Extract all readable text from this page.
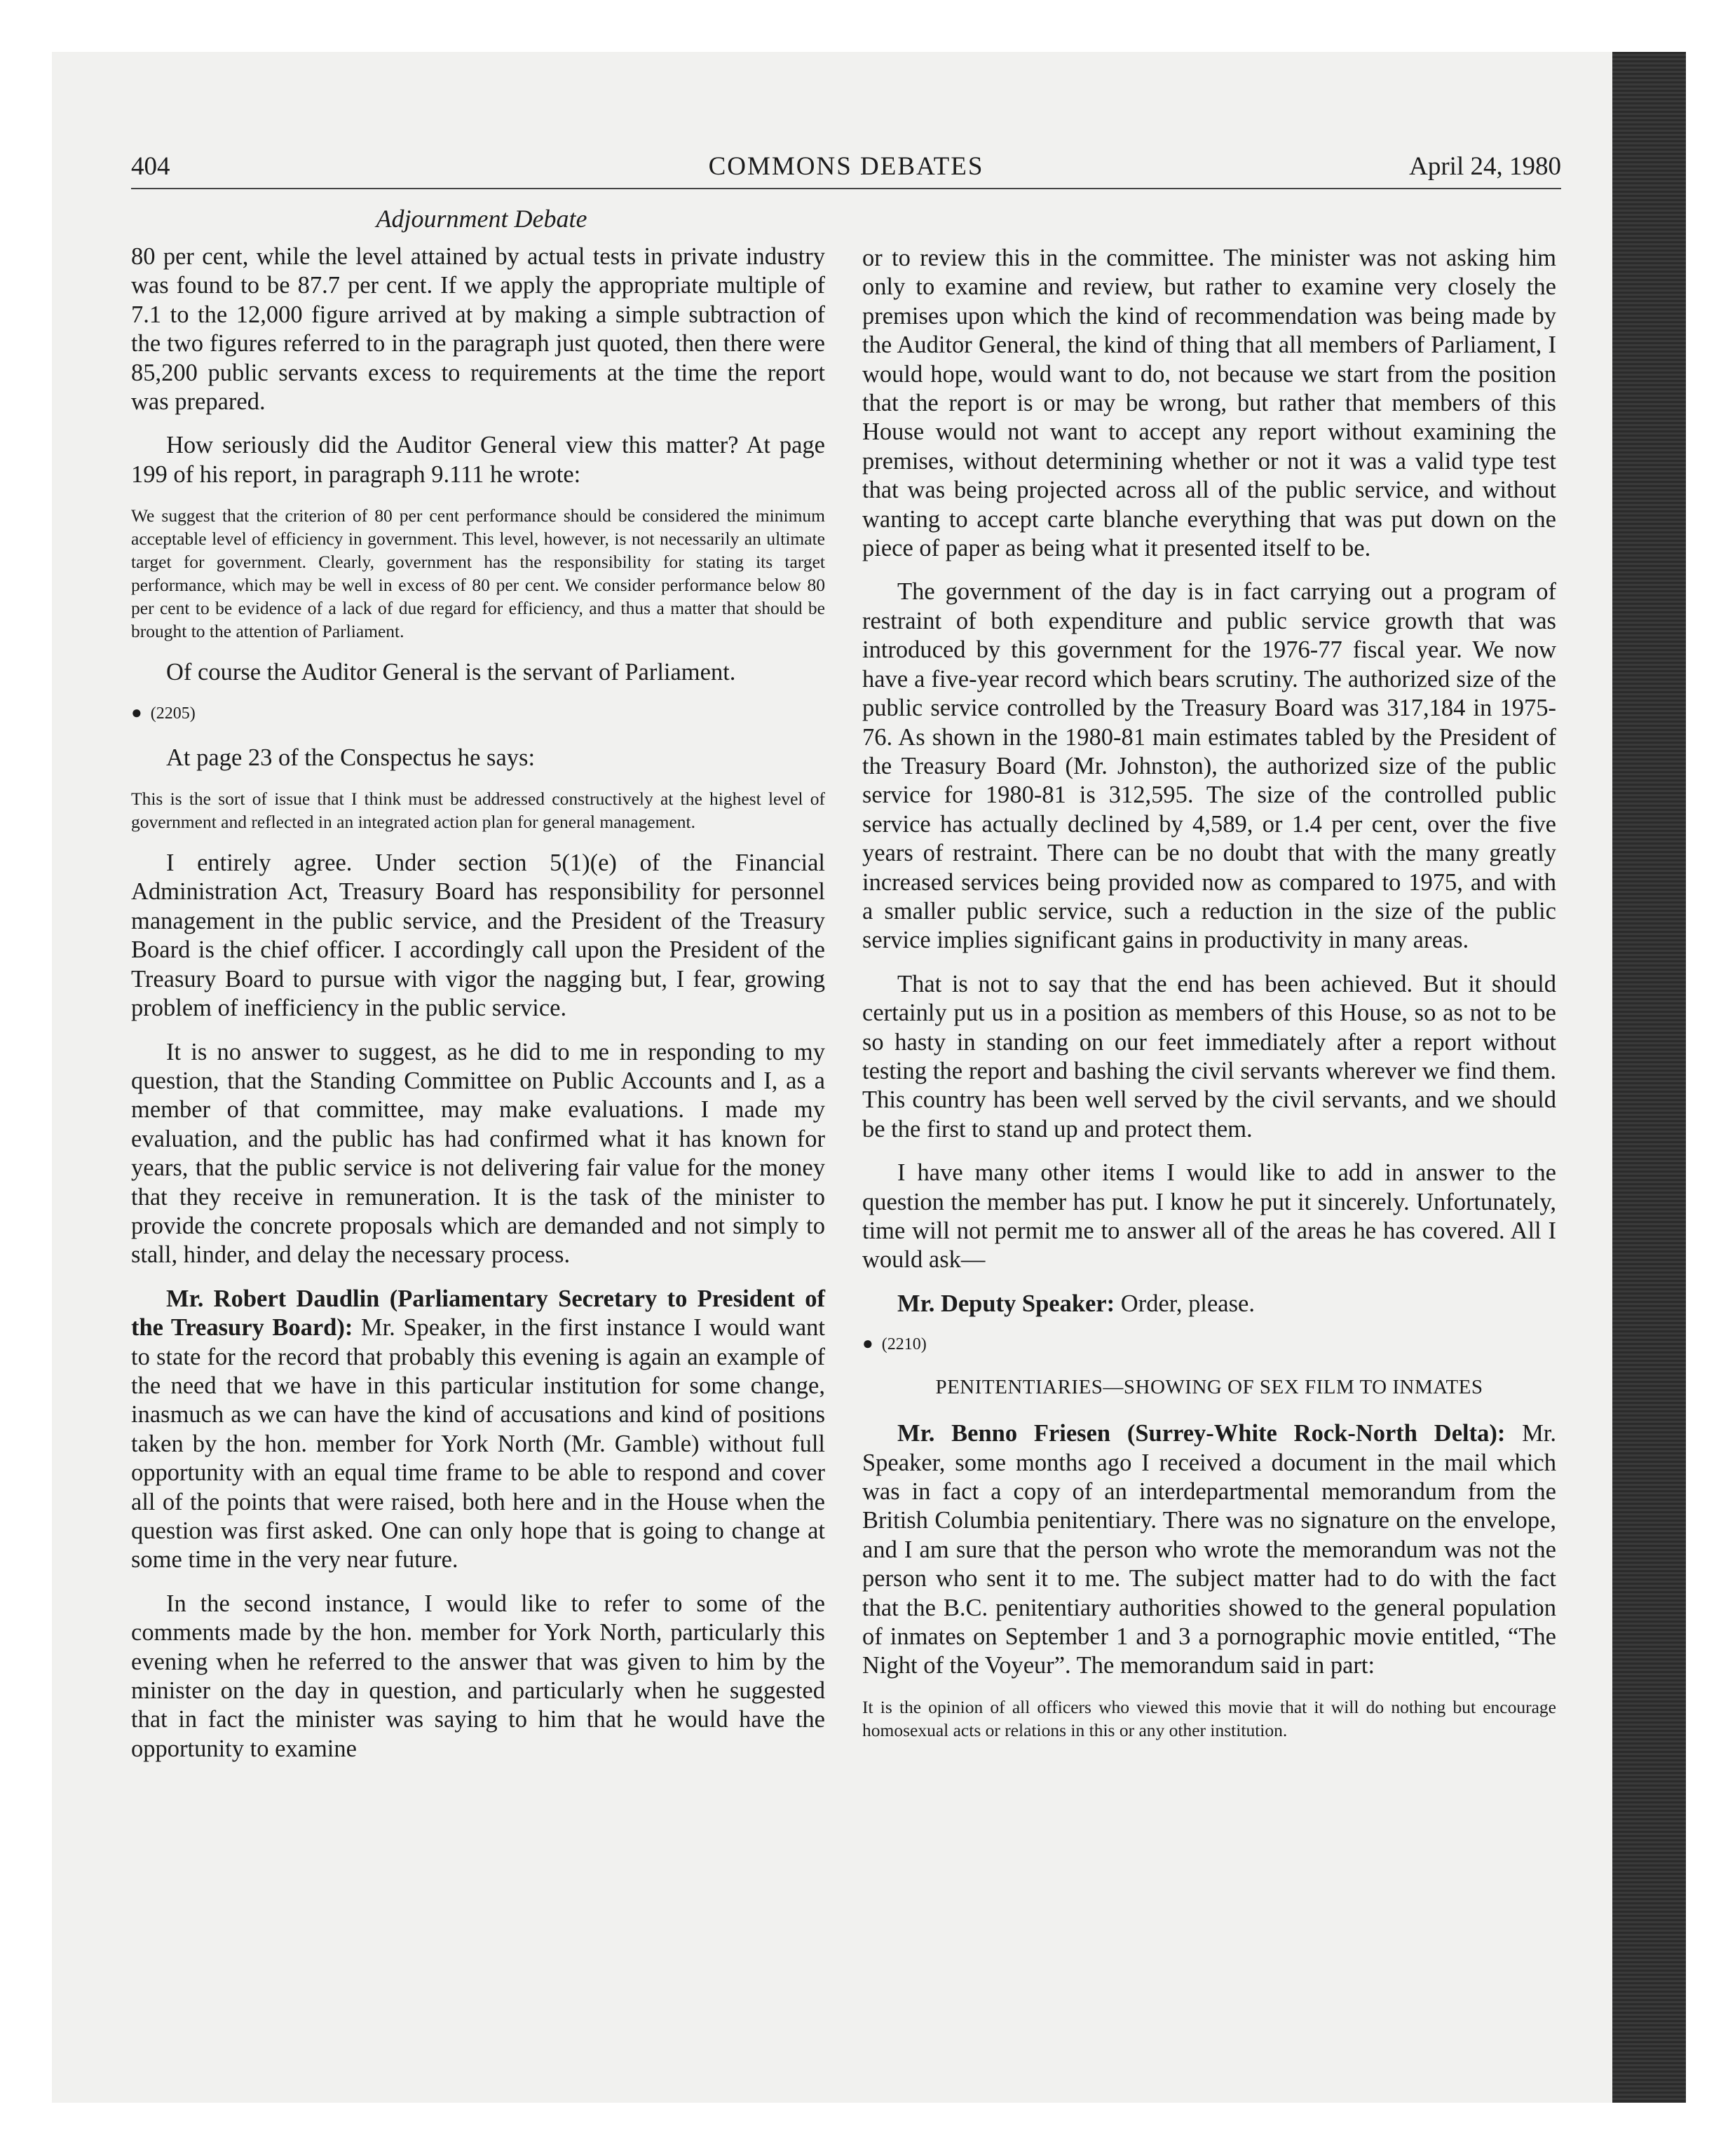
404	COMMONS DEBATES	April 24, 1980
Adjournment Debate

80 per cent, while the level attained by actual tests in private industry was found to be 87.7 per cent. If we apply the appropriate multiple of 7.1 to the 12,000 figure arrived at by making a simple subtraction of the two figures referred to in the paragraph just quoted, then there were 85,200 public servants excess to requirements at the time the report was prepared.

How seriously did the Auditor General view this matter? At page 199 of his report, in paragraph 9.111 he wrote:

We suggest that the criterion of 80 per cent performance should be considered the minimum acceptable level of efficiency in government. This level, however, is not necessarily an ultimate target for government. Clearly, government has the responsibility for stating its target performance, which may be well in excess of 80 per cent. We consider performance below 80 per cent to be evidence of a lack of due regard for efficiency, and thus a matter that should be brought to the attention of Parliament.

Of course the Auditor General is the servant of Parliament.

● (2205)

At page 23 of the Conspectus he says:

This is the sort of issue that I think must be addressed constructively at the highest level of government and reflected in an integrated action plan for general management.

I entirely agree. Under section 5(1)(e) of the Financial Administration Act, Treasury Board has responsibility for personnel management in the public service, and the President of the Treasury Board is the chief officer. I accordingly call upon the President of the Treasury Board to pursue with vigor the nagging but, I fear, growing problem of inefficiency in the public service.

It is no answer to suggest, as he did to me in responding to my question, that the Standing Committee on Public Accounts and I, as a member of that committee, may make evaluations. I made my evaluation, and the public has had confirmed what it has known for years, that the public service is not delivering fair value for the money that they receive in remuneration. It is the task of the minister to provide the concrete proposals which are demanded and not simply to stall, hinder, and delay the necessary process.

Mr. Robert Daudlin (Parliamentary Secretary to President of the Treasury Board): Mr. Speaker, in the first instance I would want to state for the record that probably this evening is again an example of the need that we have in this particular institution for some change, inasmuch as we can have the kind of accusations and kind of positions taken by the hon. member for York North (Mr. Gamble) without full opportunity with an equal time frame to be able to respond and cover all of the points that were raised, both here and in the House when the question was first asked. One can only hope that is going to change at some time in the very near future.

In the second instance, I would like to refer to some of the comments made by the hon. member for York North, particularly this evening when he referred to the answer that was given to him by the minister on the day in question, and particularly when he suggested that in fact the minister was saying to him that he would have the opportunity to examine

or to review this in the committee. The minister was not asking him only to examine and review, but rather to examine very closely the premises upon which the kind of recommendation was being made by the Auditor General, the kind of thing that all members of Parliament, I would hope, would want to do, not because we start from the position that the report is or may be wrong, but rather that members of this House would not want to accept any report without examining the premises, without determining whether or not it was a valid type test that was being projected across all of the public service, and without wanting to accept carte blanche everything that was put down on the piece of paper as being what it presented itself to be.

The government of the day is in fact carrying out a program of restraint of both expenditure and public service growth that was introduced by this government for the 1976-77 fiscal year. We now have a five-year record which bears scrutiny. The authorized size of the public service controlled by the Treasury Board was 317,184 in 1975-76. As shown in the 1980-81 main estimates tabled by the President of the Treasury Board (Mr. Johnston), the authorized size of the public service for 1980-81 is 312,595. The size of the controlled public service has actually declined by 4,589, or 1.4 per cent, over the five years of restraint. There can be no doubt that with the many greatly increased services being provided now as compared to 1975, and with a smaller public service, such a reduction in the size of the public service implies significant gains in productivity in many areas.

That is not to say that the end has been achieved. But it should certainly put us in a position as members of this House, so as not to be so hasty in standing on our feet immediately after a report without testing the report and bashing the civil servants wherever we find them. This country has been well served by the civil servants, and we should be the first to stand up and protect them.

I have many other items I would like to add in answer to the question the member has put. I know he put it sincerely. Unfortunately, time will not permit me to answer all of the areas he has covered. All I would ask—

Mr. Deputy Speaker: Order, please.

● (2210)

PENITENTIARIES—SHOWING OF SEX FILM TO INMATES

Mr. Benno Friesen (Surrey-White Rock-North Delta): Mr. Speaker, some months ago I received a document in the mail which was in fact a copy of an interdepartmental memorandum from the British Columbia penitentiary. There was no signature on the envelope, and I am sure that the person who wrote the memorandum was not the person who sent it to me. The subject matter had to do with the fact that the B.C. penitentiary authorities showed to the general population of inmates on September 1 and 3 a pornographic movie entitled, “The Night of the Voyeur”. The memorandum said in part:

It is the opinion of all officers who viewed this movie that it will do nothing but encourage homosexual acts or relations in this or any other institution.
